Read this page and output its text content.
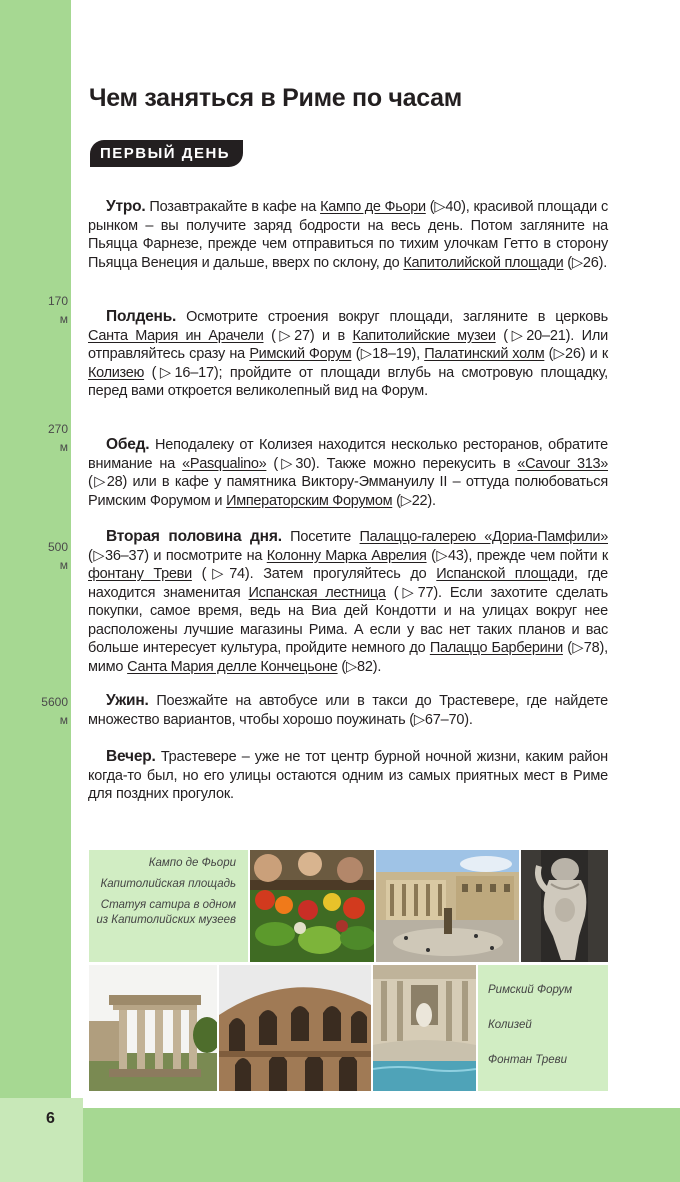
6
Чем заняться в Риме по часам
ПЕРВЫЙ ДЕНЬ
170
м
270
м
500
м
5600
м

Утро. Позавтракайте в кафе на Кампо де Фьори (▷40), красивой площади с рынком – вы получите заряд бодрости на весь день. Потом загляните на Пьяцца Фарнезе, прежде чем отправиться по тихим улочкам Гетто в сторону Пьяцца Венеция и дальше, вверх по склону, до Капитолийской площади (▷26).

Полдень. Осмотрите строения вокруг площади, загляните в церковь Санта Мария ин Арачели (▷27) и в Капитолийские музеи (▷20–21). Или отправляйтесь сразу на Римский Форум (▷18–19), Палатинский холм (▷26) и к Колизею (▷16–17); пройдите от площади вглубь на смотровую площадку, перед вами откроется великолепный вид на Форум.

Обед. Неподалеку от Колизея находится несколько ресторанов, обратите внимание на «Pasqualino» (▷30). Также можно перекусить в «Cavour 313» (▷28) или в кафе у памятника Виктору-Эммануилу II – оттуда полюбоваться Римским Форумом и Императорским Форумом (▷22).

Вторая половина дня. Посетите Палаццо-галерею «Дориа-Памфили» (▷36–37) и посмотрите на Колонну Марка Аврелия (▷43), прежде чем пойти к фонтану Треви (▷74). Затем прогуляйтесь до Испанской площади, где находится знаменитая Испанская лестница (▷77). Если захотите сделать покупки, самое время, ведь на Виа дей Кондотти и на улицах вокруг нее расположены лучшие магазины Рима. А если у вас нет таких планов и вас больше интересует культура, пройдите немного до Палаццо Барберини (▷78), мимо Санта Мария делле Кончецьоне (▷82).

Ужин. Поезжайте на автобусе или в такси до Трастевере, где найдете множество вариантов, чтобы хорошо поужинать (▷67–70).

Вечер. Трастевере – уже не тот центр бурной ночной жизни, каким район когда-то был, но его улицы остаются одним из самых приятных мест в Риме для поздних прогулок.

Кампо де Фьори
Капитолийская площадь
Статуя сатира в одном из Капитолийских музеев
Римский Форум
Колизей
Фонтан Треви
